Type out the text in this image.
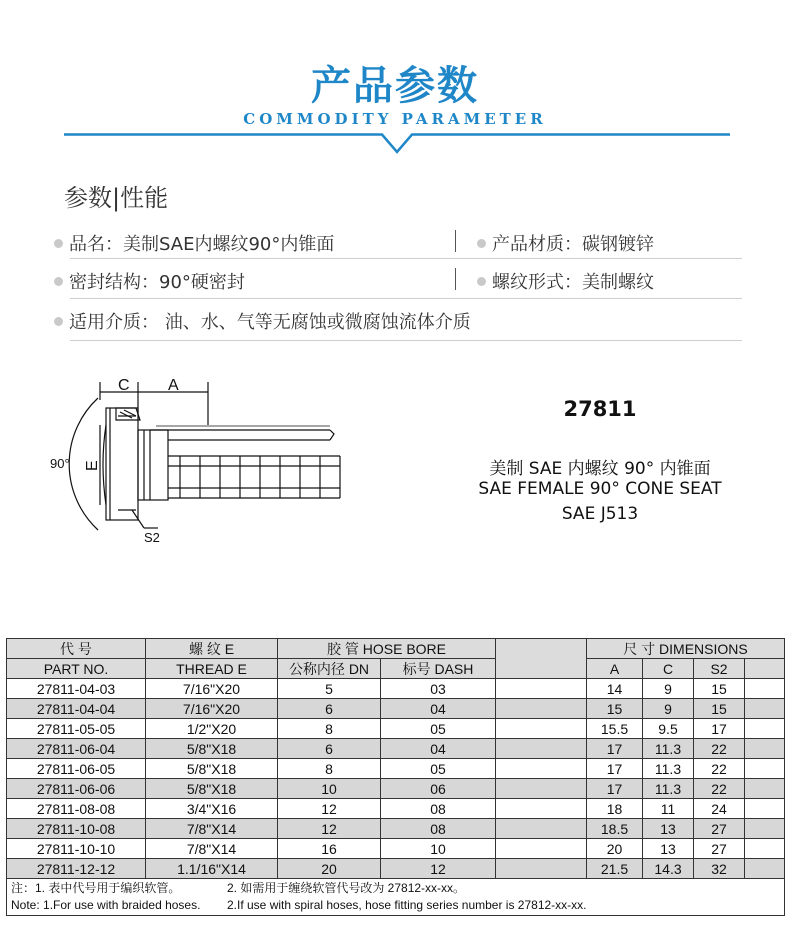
产品参数
COMMODITY PARAMETER
参数|性能
品名：美制SAE内螺纹90°内锥面	产品材质：碳钢镀锌
密封结构：90°硬密封	螺纹形式：美制螺纹
适用介质： 油、水、气等无腐蚀或微腐蚀流体介质
C A
E
90°
S2
27811
美制 SAE 内螺纹 90° 内锥面
SAE FEMALE 90° CONE SEAT
SAE J513
代 号	螺 纹 E	胶 管 HOSE BORE			尺 寸 DIMENSIONS			
PART NO.	THREAD E	公称内径 DN	标号 DASH		A	C	S2	
27811-04-03	7/16"X20	5	03		14	9	15	
27811-04-04	7/16"X20	6	04		15	9	15	
27811-05-05	1/2"X20	8	05		15.5	9.5	17	
27811-06-04	5/8"X18	6	04		17	11.3	22	
27811-06-05	5/8"X18	8	05		17	11.3	22	
27811-06-06	5/8"X18	10	06		17	11.3	22	
27811-08-08	3/4"X16	12	08		18	11	24	
27811-10-08	7/8"X14	12	08		18.5	13	27	
27811-10-10	7/8"X14	16	10		20	13	27	
27811-12-12	1.1/16"X14	20	12		21.5	14.3	32	

注：1. 表中代号用于编织软管。 2. 如需用于缠绕软管代号改为 27812-xx-xx。
Note: 1.For use with braided hoses. 2.If use with spiral hoses, hose fitting series number is 27812-xx-xx.								
